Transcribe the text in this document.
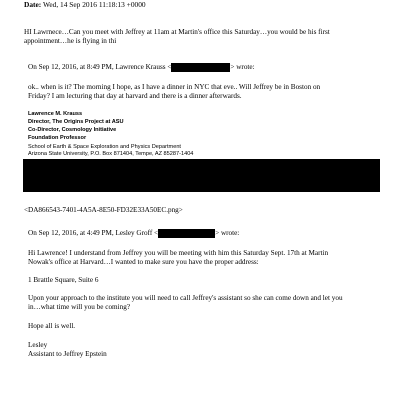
Date: Wed, 14 Sep 2016 11:18:13 +0000
HI Lawrnece…Can you meet with Jeffrey at 11am at Martin's office this Saturday…you would be his first
appointment…he is flying in thi
On Sep 12, 2016, at 8:49 PM, Lawrence Krauss <	> wrote:
ok.. when is it? The morning I hope, as I have a dinner in NYC that eve.. Will Jeffrey be in Boston on
Friday? I am lecturing that day at harvard and there is a dinner afterwards.
Lawrence M. Krauss
Director, The Origins Project at ASU
Co-Director, Cosmology Initiative
Foundation Professor
School of Earth & Space Exploration and Physics Department
Arizona State University, P.O. Box 871404, Tempe, AZ 85287-1404
<DA866543-7401-4A5A-8E50-FD32E33A50EC.png>
On Sep 12, 2016, at 4:49 PM, Lesley Groff <	> wrote:
Hi Lawrence! I understand from Jeffrey you will be meeting with him this Saturday Sept. 17th at Martin
Nowak's office at Harvard…I wanted to make sure you have the proper address:
1 Brattle Square, Suite 6
Upon your approach to the institute you will need to call Jeffrey's assistant so she can come down and let you
in…what time will you be coming?
Hope all is well.
Lesley
Assistant to Jeffrey Epstein
